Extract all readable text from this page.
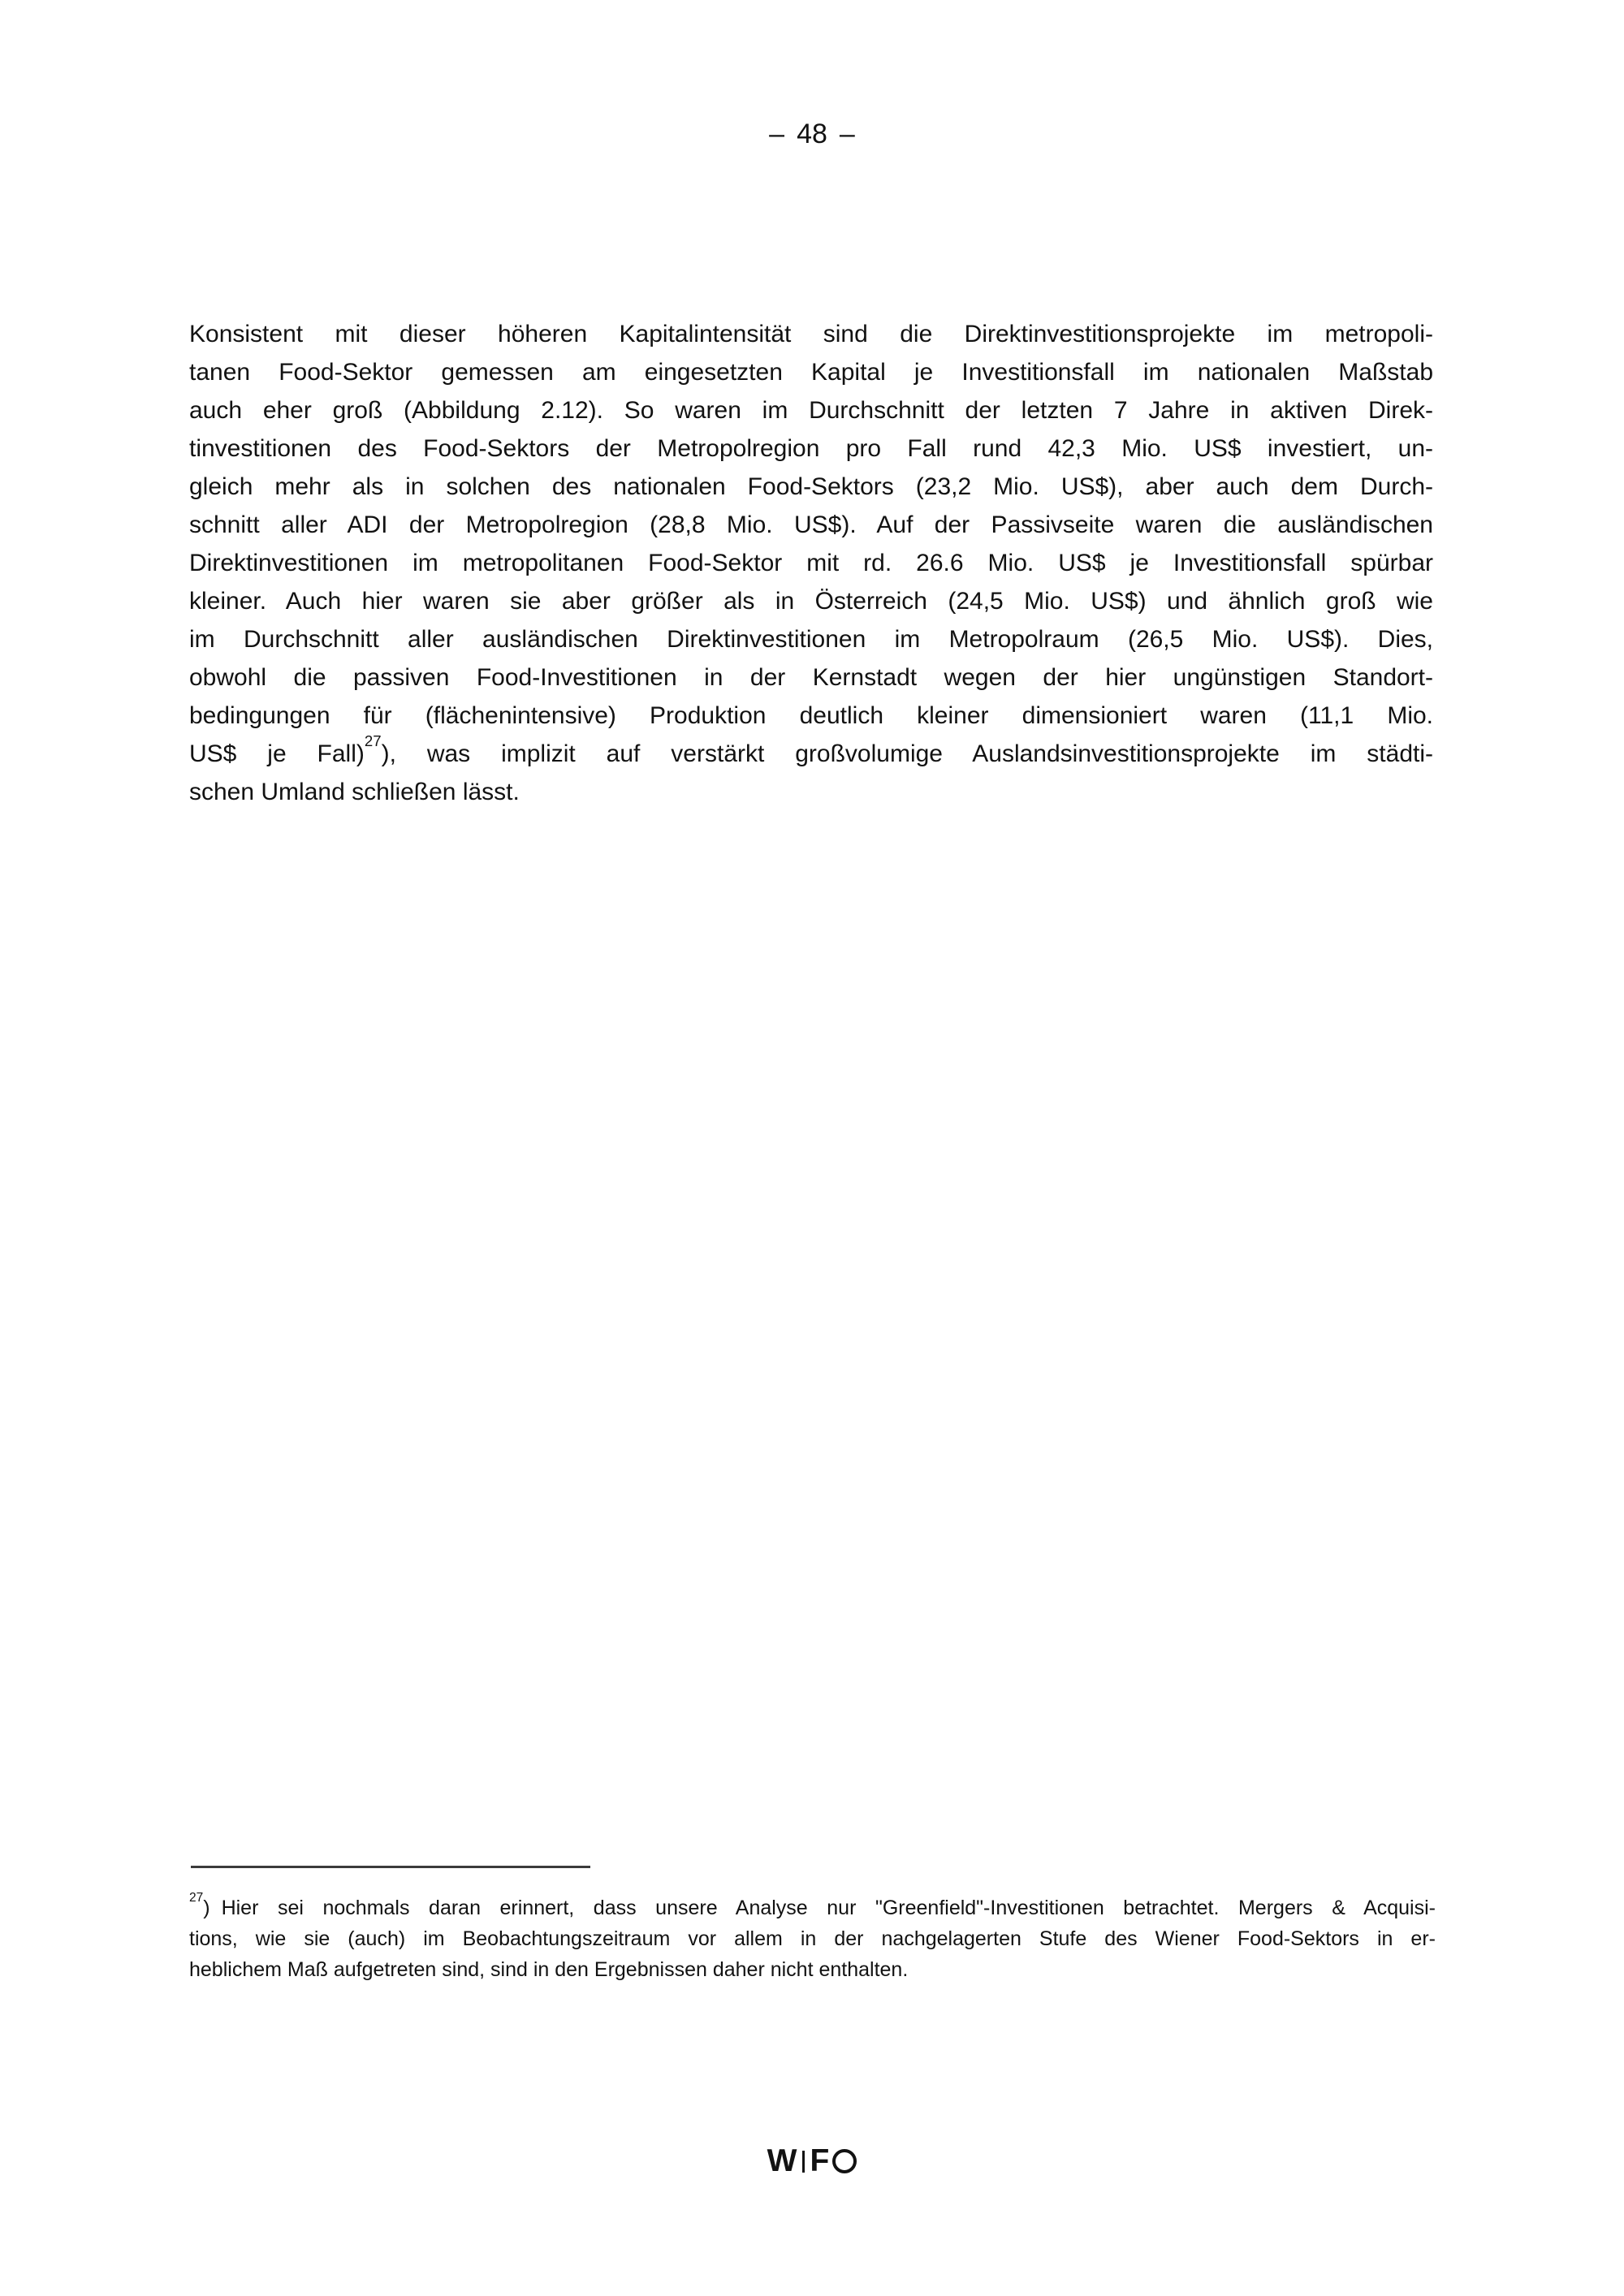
– 48 –
Konsistent mit dieser höheren Kapitalintensität sind die Direktinvestitionsprojekte im metropoli-
tanen Food-Sektor gemessen am eingesetzten Kapital je Investitionsfall im nationalen Maßstab
auch eher groß (Abbildung 2.12). So waren im Durchschnitt der letzten 7 Jahre in aktiven Direk-
tinvestitionen des Food-Sektors der Metropolregion pro Fall rund 42,3 Mio. US$ investiert, un-
gleich mehr als in solchen des nationalen Food-Sektors (23,2 Mio. US$), aber auch dem Durch-
schnitt aller ADI der Metropolregion (28,8 Mio. US$). Auf der Passivseite waren die ausländischen
Direktinvestitionen im metropolitanen Food-Sektor mit rd. 26.6 Mio. US$ je Investitionsfall spürbar
kleiner. Auch hier waren sie aber größer als in Österreich (24,5 Mio. US$) und ähnlich groß wie
im Durchschnitt aller ausländischen Direktinvestitionen im Metropolraum (26,5 Mio. US$). Dies,
obwohl die passiven Food-Investitionen in der Kernstadt wegen der hier ungünstigen Standort-
bedingungen für (flächenintensive) Produktion deutlich kleiner dimensioniert waren (11,1 Mio.
US$ je Fall)$^{27}$), was implizit auf verstärkt großvolumige Auslandsinvestitionsprojekte im städti-
schen Umland schließen lässt.
$^{27}$) Hier sei nochmals daran erinnert, dass unsere Analyse nur "Greenfield"-Investitionen betrachtet. Mergers & Acquisi-
tions, wie sie (auch) im Beobachtungszeitraum vor allem in der nachgelagerten Stufe des Wiener Food-Sektors in er-
heblichem Maß aufgetreten sind, sind in den Ergebnissen daher nicht enthalten.
W F
